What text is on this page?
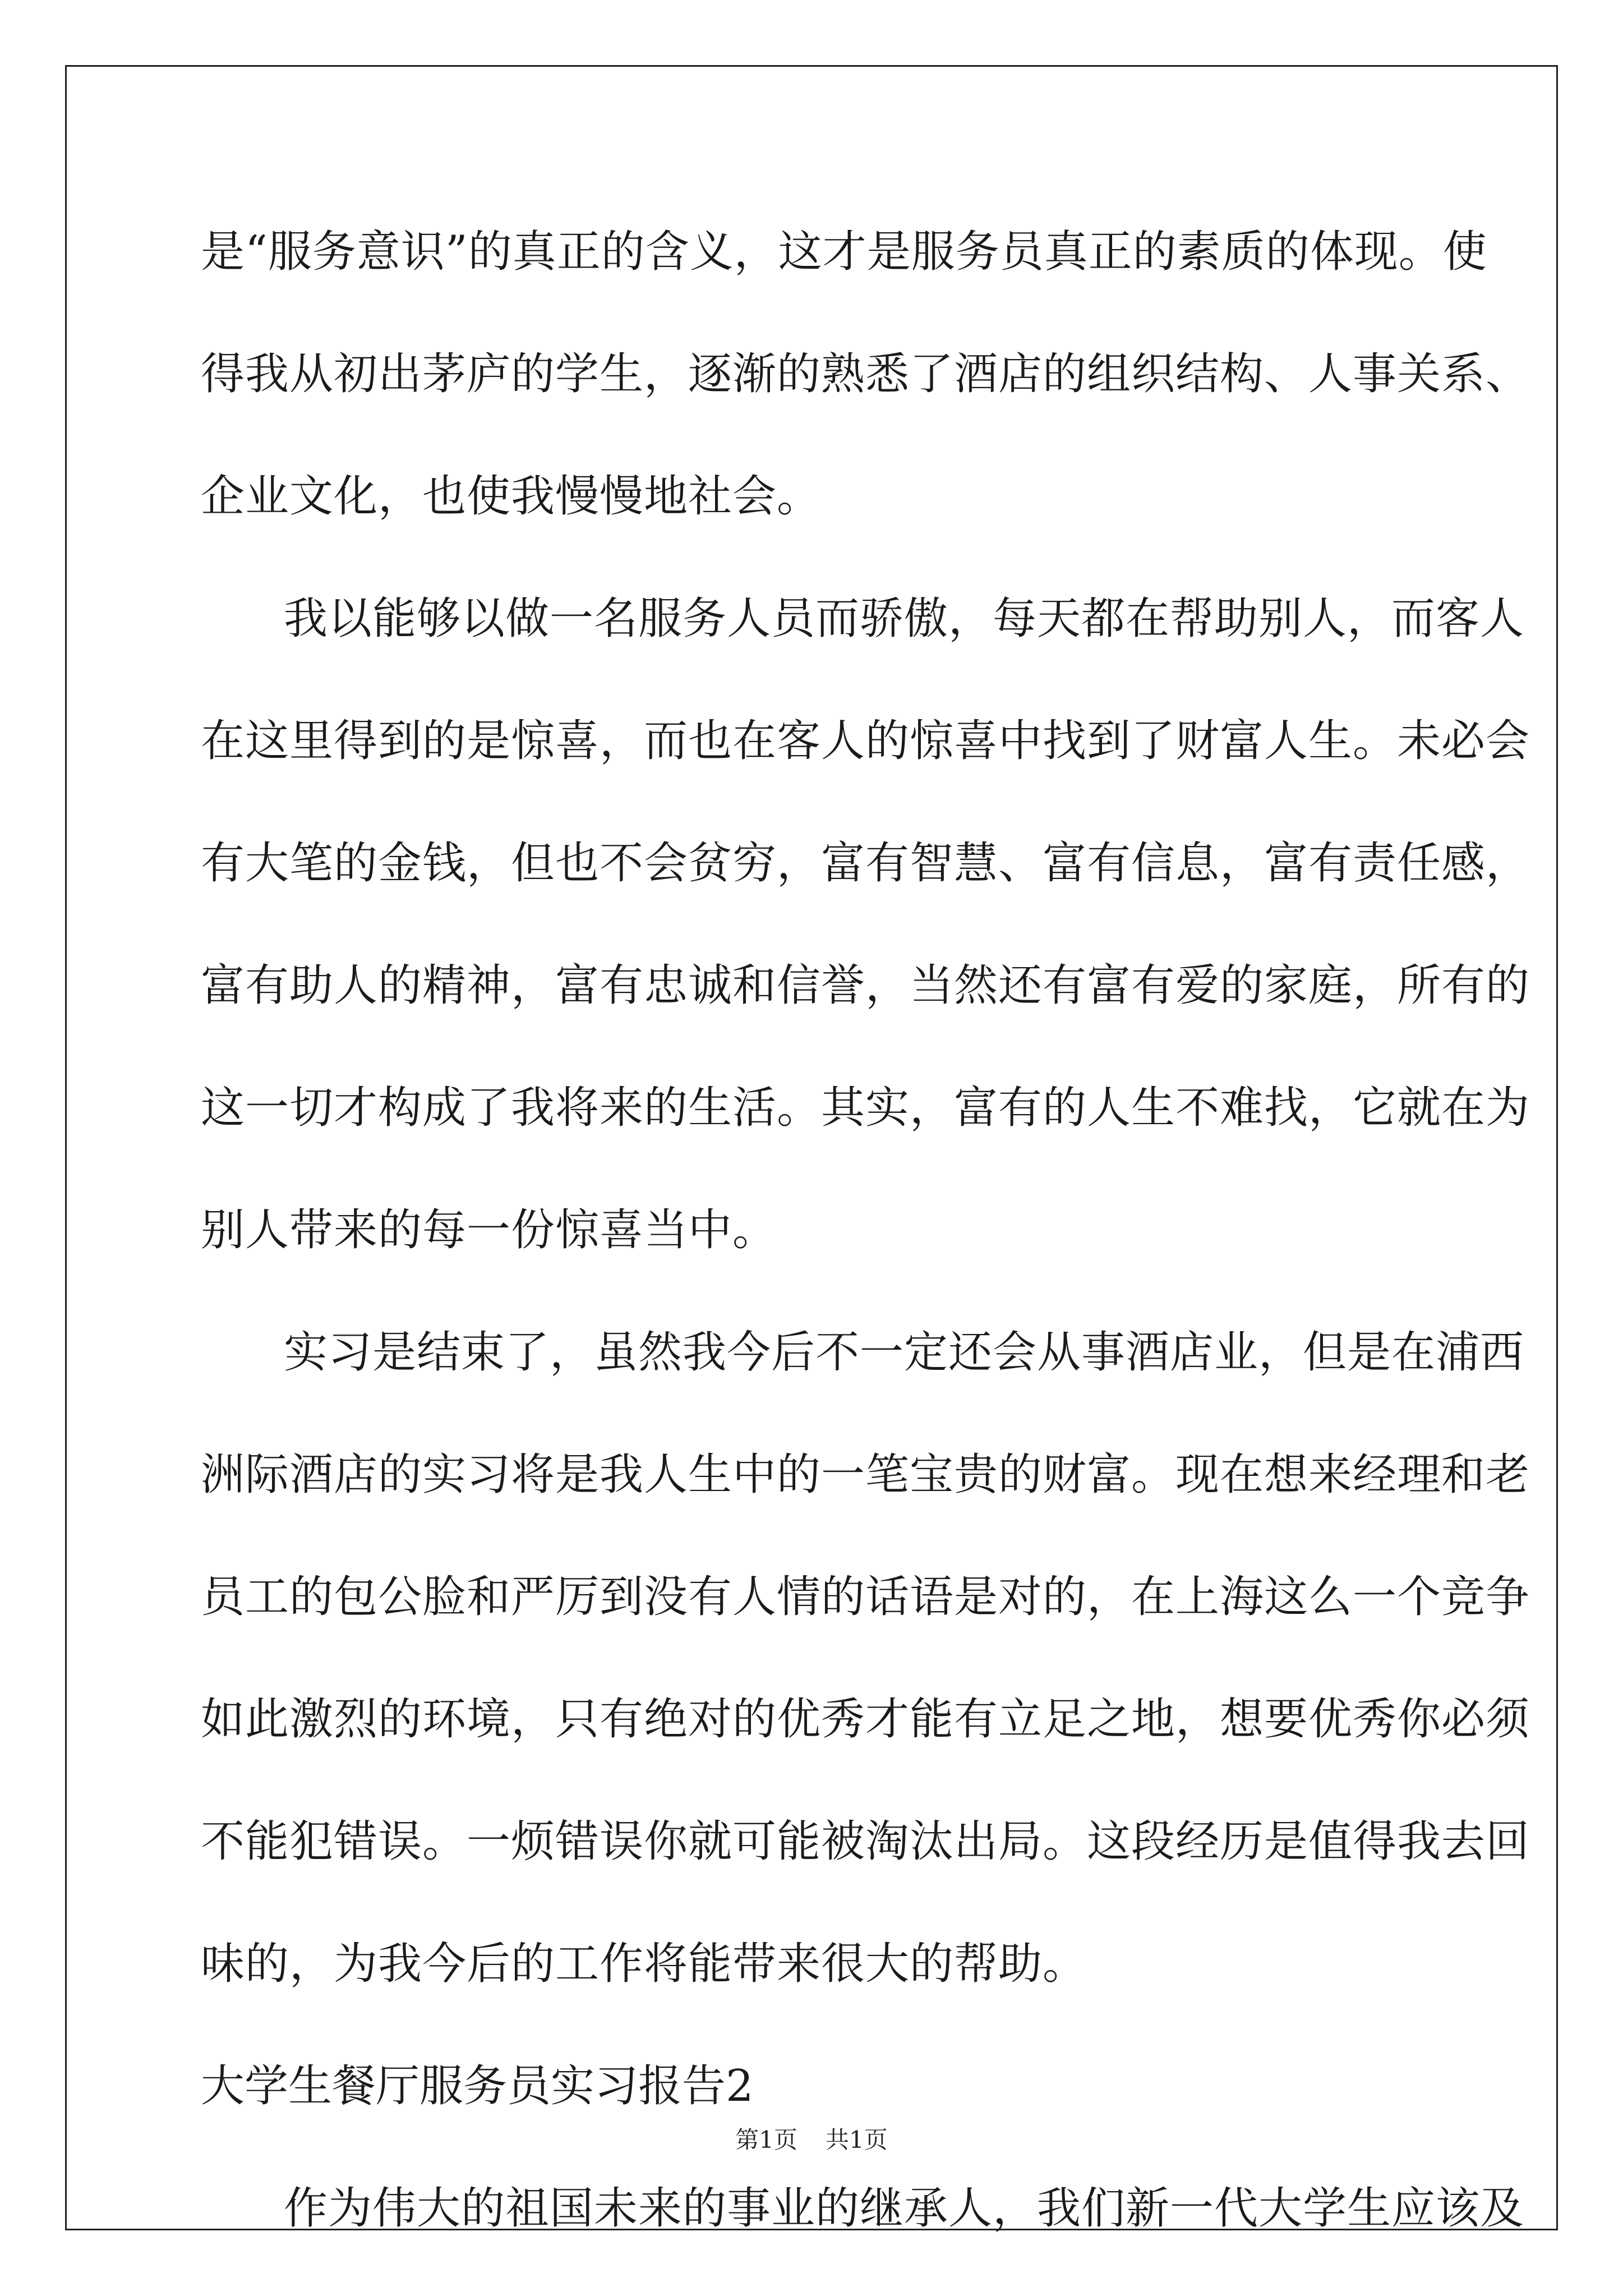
是“服务意识”的真正的含义，这才是服务员真正的素质的体现。使
得我从初出茅庐的学生，逐渐的熟悉了酒店的组织结构、人事关系、
企业文化，也使我慢慢地社会。
我以能够以做一名服务人员而骄傲，每天都在帮助别人，而客人
在这里得到的是惊喜，而也在客人的惊喜中找到了财富人生。未必会
有大笔的金钱，但也不会贫穷，富有智慧、富有信息，富有责任感，
富有助人的精神，富有忠诚和信誉，当然还有富有爱的家庭，所有的
这一切才构成了我将来的生活。其实，富有的人生不难找，它就在为
别人带来的每一份惊喜当中。
实习是结束了，虽然我今后不一定还会从事酒店业，但是在浦西
洲际酒店的实习将是我人生中的一笔宝贵的财富。现在想来经理和老
员工的包公脸和严厉到没有人情的话语是对的，在上海这么一个竞争
如此激烈的环境，只有绝对的优秀才能有立足之地，想要优秀你必须
不能犯错误。一烦错误你就可能被淘汰出局。这段经历是值得我去回
味的，为我今后的工作将能带来很大的帮助。
大学生餐厅服务员实习报告2
作为伟大的祖国未来的事业的继承人，我们新一代大学生应该及
第1页 共1页
